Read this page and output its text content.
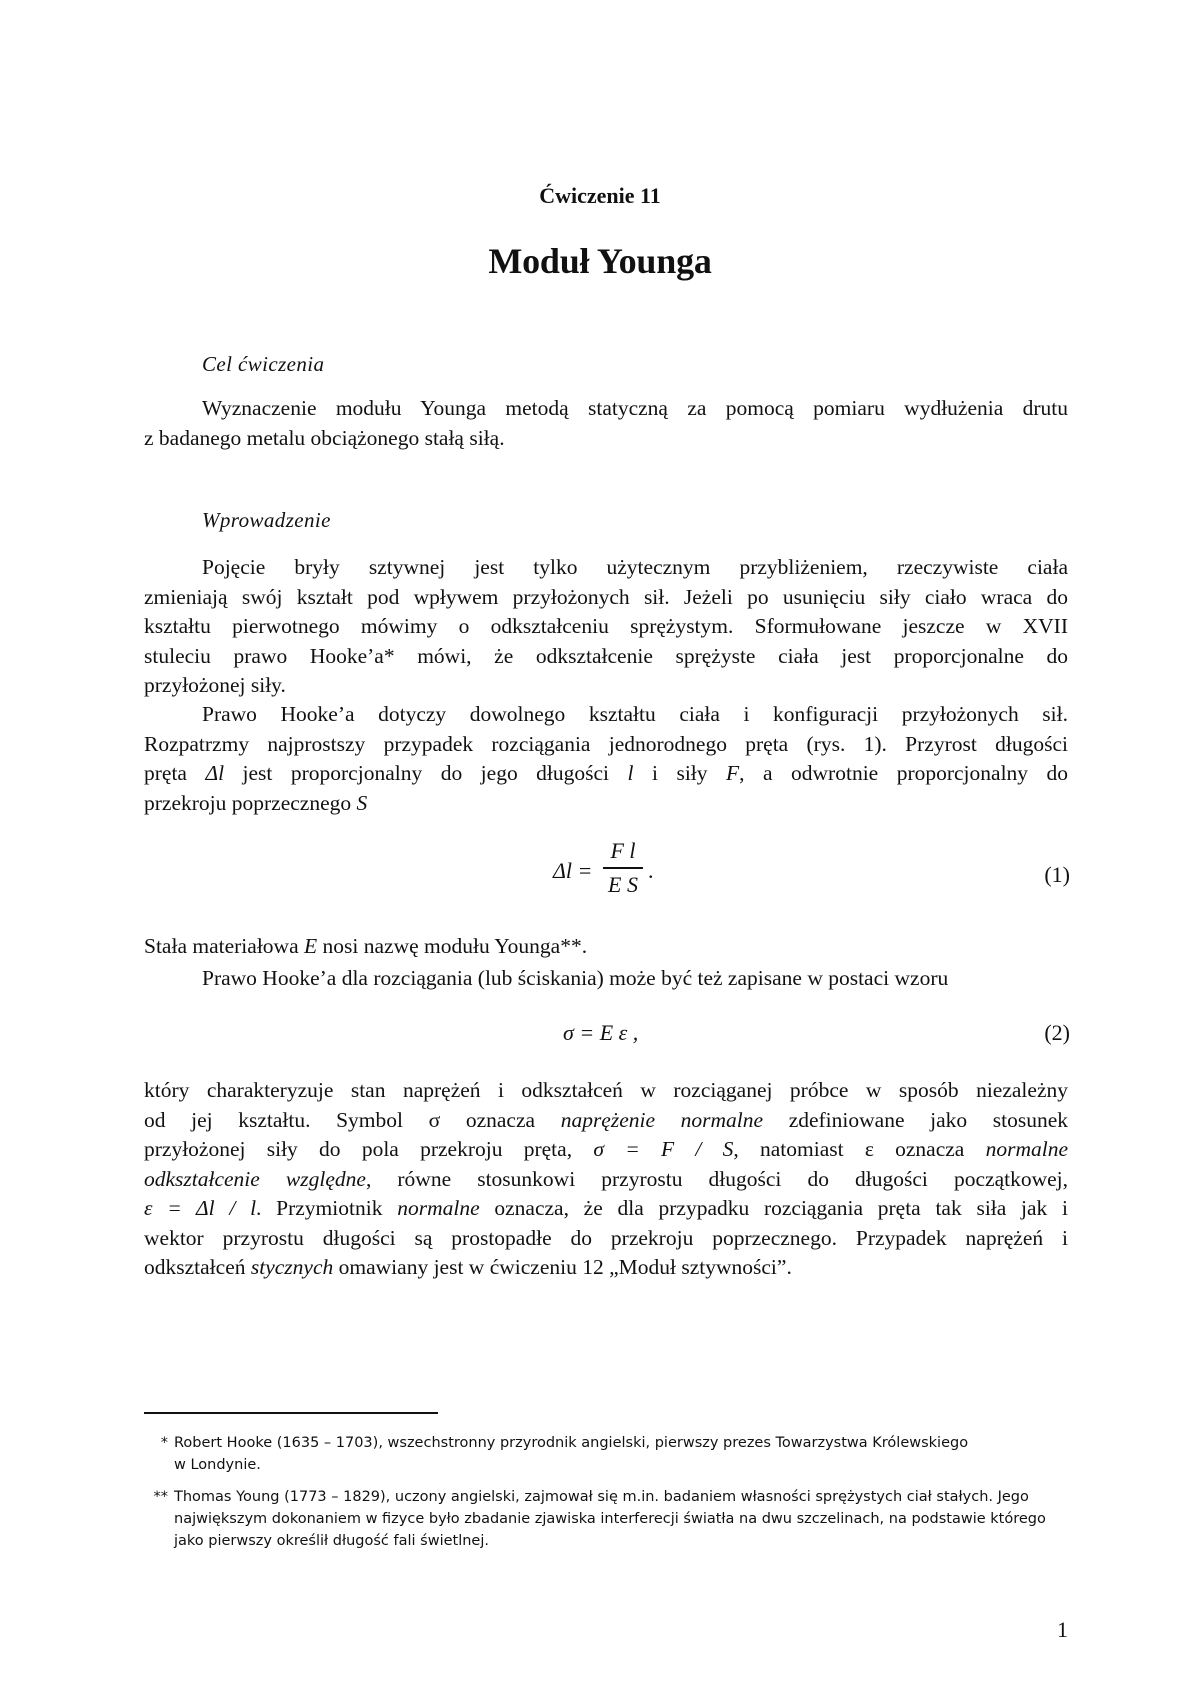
Ćwiczenie 11
Moduł Younga
Cel ćwiczenia
Wyznaczenie modułu Younga metodą statyczną za pomocą pomiaru wydłużenia drutu
z badanego metalu obciążonego stałą siłą.
Wprowadzenie
Pojęcie bryły sztywnej jest tylko użytecznym przybliżeniem, rzeczywiste ciała
zmieniają swój kształt pod wpływem przyłożonych sił. Jeżeli po usunięciu siły ciało wraca do
kształtu pierwotnego mówimy o odkształceniu sprężystym. Sformułowane jeszcze w XVII
stuleciu prawo Hooke’a* mówi, że odkształcenie sprężyste ciała jest proporcjonalne do
przyłożonej siły.
Prawo Hooke’a dotyczy dowolnego kształtu ciała i konfiguracji przyłożonych sił.
Rozpatrzmy najprostszy przypadek rozciągania jednorodnego pręta (rys. 1). Przyrost długości
pręta Δl jest proporcjonalny do jego długości l i siły F, a odwrotnie proporcjonalny do
przekroju poprzecznego S
Δl =
F l
E S
.	(1)
Stała materiałowa E nosi nazwę modułu Younga**.
Prawo Hooke’a dla rozciągania (lub ściskania) może być też zapisane w postaci wzoru
σ = E ε ,	(2)
który charakteryzuje stan naprężeń i odkształceń w rozciąganej próbce w sposób niezależny
od jej kształtu. Symbol σ oznacza naprężenie normalne zdefiniowane jako stosunek
przyłożonej siły do pola przekroju pręta, σ = F / S, natomiast ε oznacza normalne
odkształcenie względne, równe stosunkowi przyrostu długości do długości początkowej,
ε = Δl / l. Przymiotnik normalne oznacza, że dla przypadku rozciągania pręta tak siła jak i
wektor przyrostu długości są prostopadłe do przekroju poprzecznego. Przypadek naprężeń i
odkształceń stycznych omawiany jest w ćwiczeniu 12 „Moduł sztywności”.
* Robert Hooke (1635 – 1703), wszechstronny przyrodnik angielski, pierwszy prezes Towarzystwa Królewskiego
w Londynie.
** Thomas Young (1773 – 1829), uczony angielski, zajmował się m.in. badaniem własności sprężystych ciał stałych. Jego
największym dokonaniem w fizyce było zbadanie zjawiska interferecji światła na dwu szczelinach, na podstawie którego
jako pierwszy określił długość fali świetlnej.
1
